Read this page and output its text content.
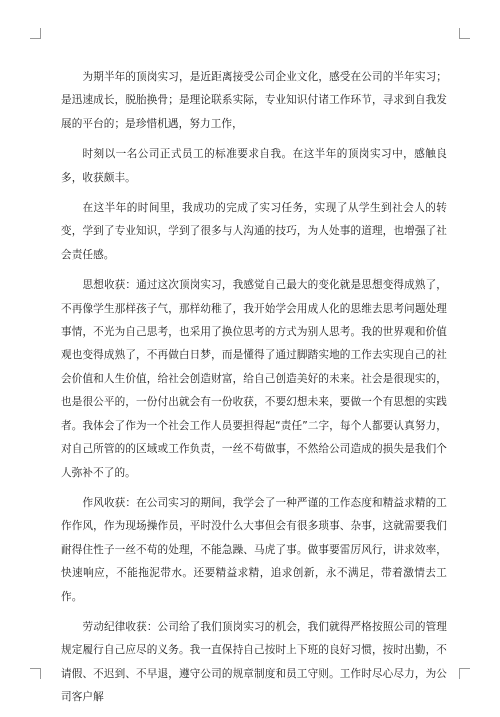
为期半年的顶岗实习，是近距离接受公司企业文化，感受在公司的半年实习；是迅速成长，脱胎换骨；是理论联系实际，专业知识付诸工作环节，寻求到自我发展的平台的；是珍惜机遇，努力工作，

时刻以一名公司正式员工的标准要求自我。在这半年的顶岗实习中，感触良多，收获颇丰。

在这半年的时间里，我成功的完成了实习任务，实现了从学生到社会人的转变，学到了专业知识，学到了很多与人沟通的技巧，为人处事的道理，也增强了社会责任感。

思想收获：通过这次顶岗实习，我感觉自己最大的变化就是思想变得成熟了，不再像学生那样孩子气，那样幼稚了，我开始学会用成人化的思维去思考问题处理事情，不光为自己思考，也采用了换位思考的方式为别人思考。我的世界观和价值观也变得成熟了，不再做白日梦，而是懂得了通过脚踏实地的工作去实现自己的社会价值和人生价值，给社会创造财富，给自己创造美好的未来。社会是很现实的，也是很公平的，一份付出就会有一份收获，不要幻想未来，要做一个有思想的实践者。我体会了作为一个社会工作人员要担得起“责任”二字，每个人都要认真努力，对自己所管的的区域或工作负责，一丝不苟做事，不然给公司造成的损失是我们个人弥补不了的。

作风收获：在公司实习的期间，我学会了一种严谨的工作态度和精益求精的工作作风，作为现场操作员，平时没什么大事但会有很多琐事、杂事，这就需要我们耐得住性子一丝不苟的处理，不能急躁、马虎了事。做事要雷厉风行，讲求效率，快速响应，不能拖泥带水。还要精益求精，追求创新，永不满足，带着激情去工作。

劳动纪律收获：公司给了我们顶岗实习的机会，我们就得严格按照公司的管理规定履行自己应尽的义务。我一直保持自己按时上下班的良好习惯，按时出勤，不请假、不迟到、不早退，遵守公司的规章制度和员工守则。工作时尽心尽力，为公司客户解
